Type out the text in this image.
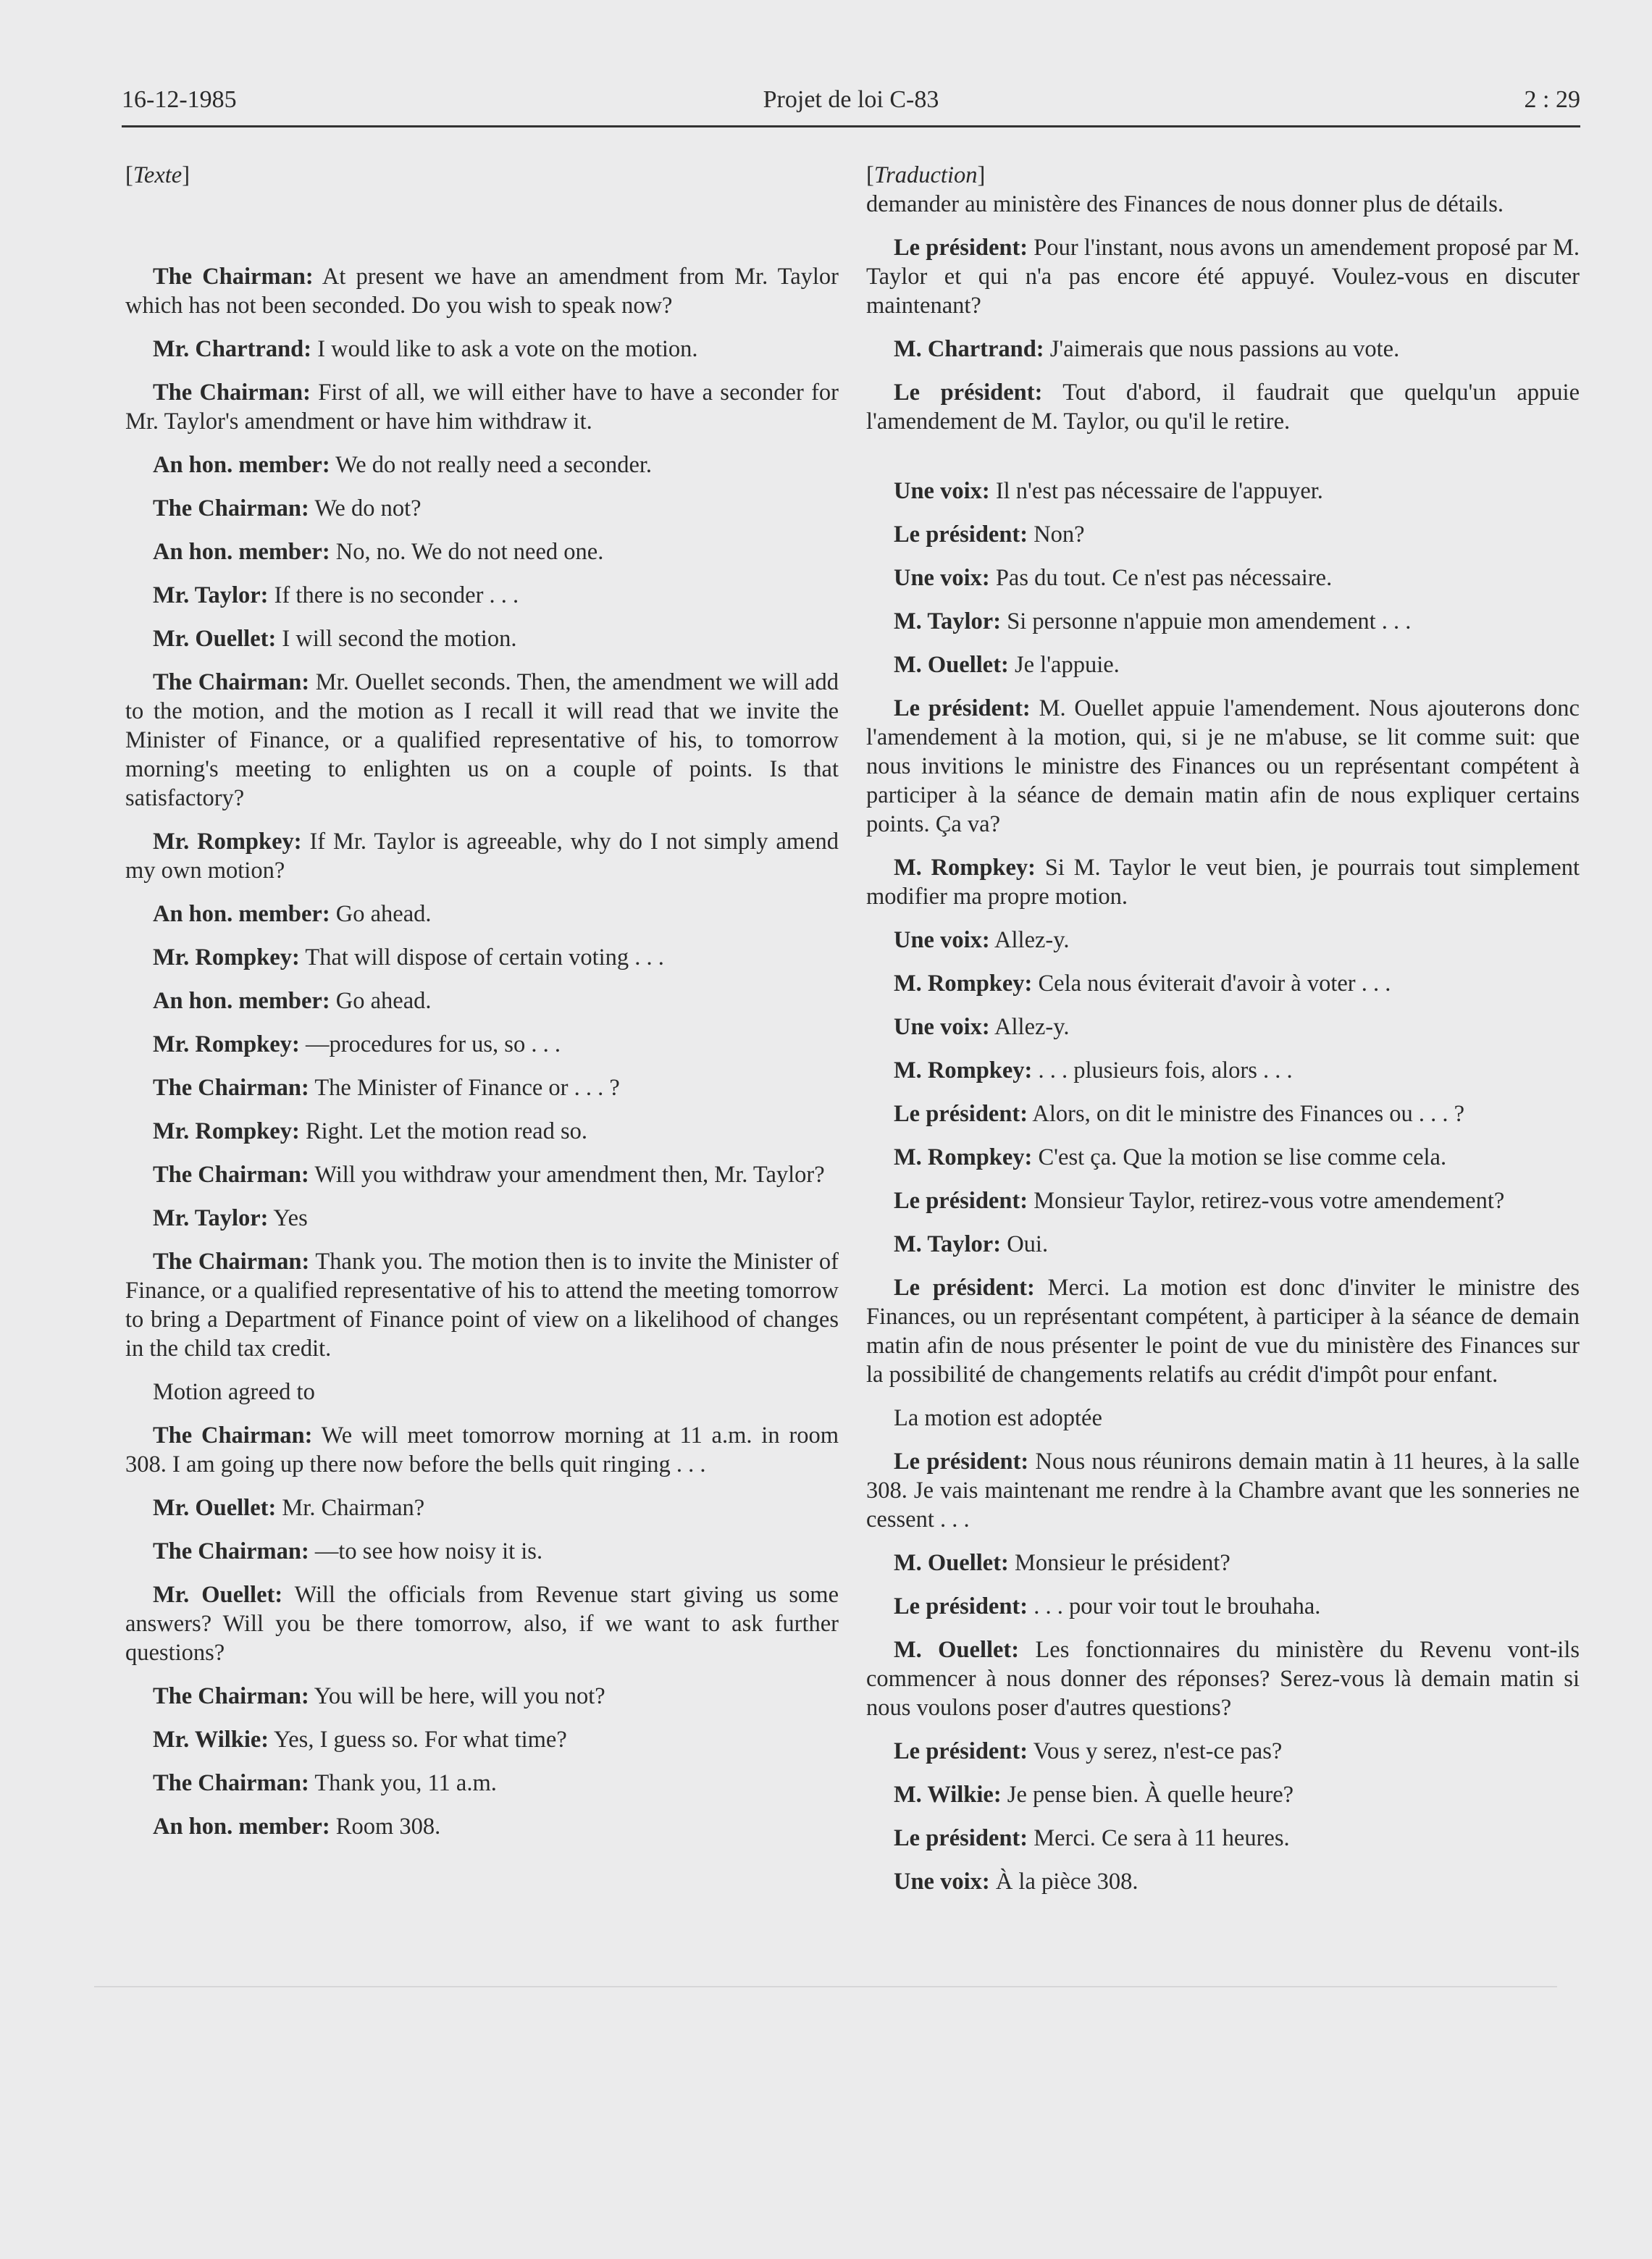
16-12-1985	Projet de loi C-83	2 : 29
[Texte]

The Chairman: At present we have an amendment from Mr. Taylor which has not been seconded. Do you wish to speak now?

Mr. Chartrand: I would like to ask a vote on the motion.

The Chairman: First of all, we will either have to have a seconder for Mr. Taylor's amendment or have him withdraw it.

An hon. member: We do not really need a seconder.

The Chairman: We do not?

An hon. member: No, no. We do not need one.

Mr. Taylor: If there is no seconder . . .

Mr. Ouellet: I will second the motion.

The Chairman: Mr. Ouellet seconds. Then, the amendment we will add to the motion, and the motion as I recall it will read that we invite the Minister of Finance, or a qualified representative of his, to tomorrow morning's meeting to enlighten us on a couple of points. Is that satisfactory?

Mr. Rompkey: If Mr. Taylor is agreeable, why do I not simply amend my own motion?

An hon. member: Go ahead.

Mr. Rompkey: That will dispose of certain voting . . .

An hon. member: Go ahead.

Mr. Rompkey: —procedures for us, so . . .

The Chairman: The Minister of Finance or . . . ?

Mr. Rompkey: Right. Let the motion read so.

The Chairman: Will you withdraw your amendment then, Mr. Taylor?

Mr. Taylor: Yes

The Chairman: Thank you. The motion then is to invite the Minister of Finance, or a qualified representative of his to attend the meeting tomorrow to bring a Department of Finance point of view on a likelihood of changes in the child tax credit.

Motion agreed to

The Chairman: We will meet tomorrow morning at 11 a.m. in room 308. I am going up there now before the bells quit ringing . . .

Mr. Ouellet: Mr. Chairman?

The Chairman: —to see how noisy it is.

Mr. Ouellet: Will the officials from Revenue start giving us some answers? Will you be there tomorrow, also, if we want to ask further questions?

The Chairman: You will be here, will you not?

Mr. Wilkie: Yes, I guess so. For what time?

The Chairman: Thank you, 11 a.m.

An hon. member: Room 308.

[Traduction]

demander au ministère des Finances de nous donner plus de détails.

Le président: Pour l'instant, nous avons un amendement proposé par M. Taylor et qui n'a pas encore été appuyé. Voulez-vous en discuter maintenant?

M. Chartrand: J'aimerais que nous passions au vote.

Le président: Tout d'abord, il faudrait que quelqu'un appuie l'amendement de M. Taylor, ou qu'il le retire.

Une voix: Il n'est pas nécessaire de l'appuyer.

Le président: Non?

Une voix: Pas du tout. Ce n'est pas nécessaire.

M. Taylor: Si personne n'appuie mon amendement . . .

M. Ouellet: Je l'appuie.

Le président: M. Ouellet appuie l'amendement. Nous ajouterons donc l'amendement à la motion, qui, si je ne m'abuse, se lit comme suit: que nous invitions le ministre des Finances ou un représentant compétent à participer à la séance de demain matin afin de nous expliquer certains points. Ça va?

M. Rompkey: Si M. Taylor le veut bien, je pourrais tout simplement modifier ma propre motion.

Une voix: Allez-y.

M. Rompkey: Cela nous éviterait d'avoir à voter . . .

Une voix: Allez-y.

M. Rompkey: . . . plusieurs fois, alors . . .

Le président: Alors, on dit le ministre des Finances ou . . . ?

M. Rompkey: C'est ça. Que la motion se lise comme cela.

Le président: Monsieur Taylor, retirez-vous votre amendement?

M. Taylor: Oui.

Le président: Merci. La motion est donc d'inviter le ministre des Finances, ou un représentant compétent, à participer à la séance de demain matin afin de nous présenter le point de vue du ministère des Finances sur la possibilité de changements relatifs au crédit d'impôt pour enfant.

La motion est adoptée

Le président: Nous nous réunirons demain matin à 11 heures, à la salle 308. Je vais maintenant me rendre à la Chambre avant que les sonneries ne cessent . . .

M. Ouellet: Monsieur le président?

Le président: . . . pour voir tout le brouhaha.

M. Ouellet: Les fonctionnaires du ministère du Revenu vont-ils commencer à nous donner des réponses? Serez-vous là demain matin si nous voulons poser d'autres questions?

Le président: Vous y serez, n'est-ce pas?

M. Wilkie: Je pense bien. À quelle heure?

Le président: Merci. Ce sera à 11 heures.

Une voix: À la pièce 308.
